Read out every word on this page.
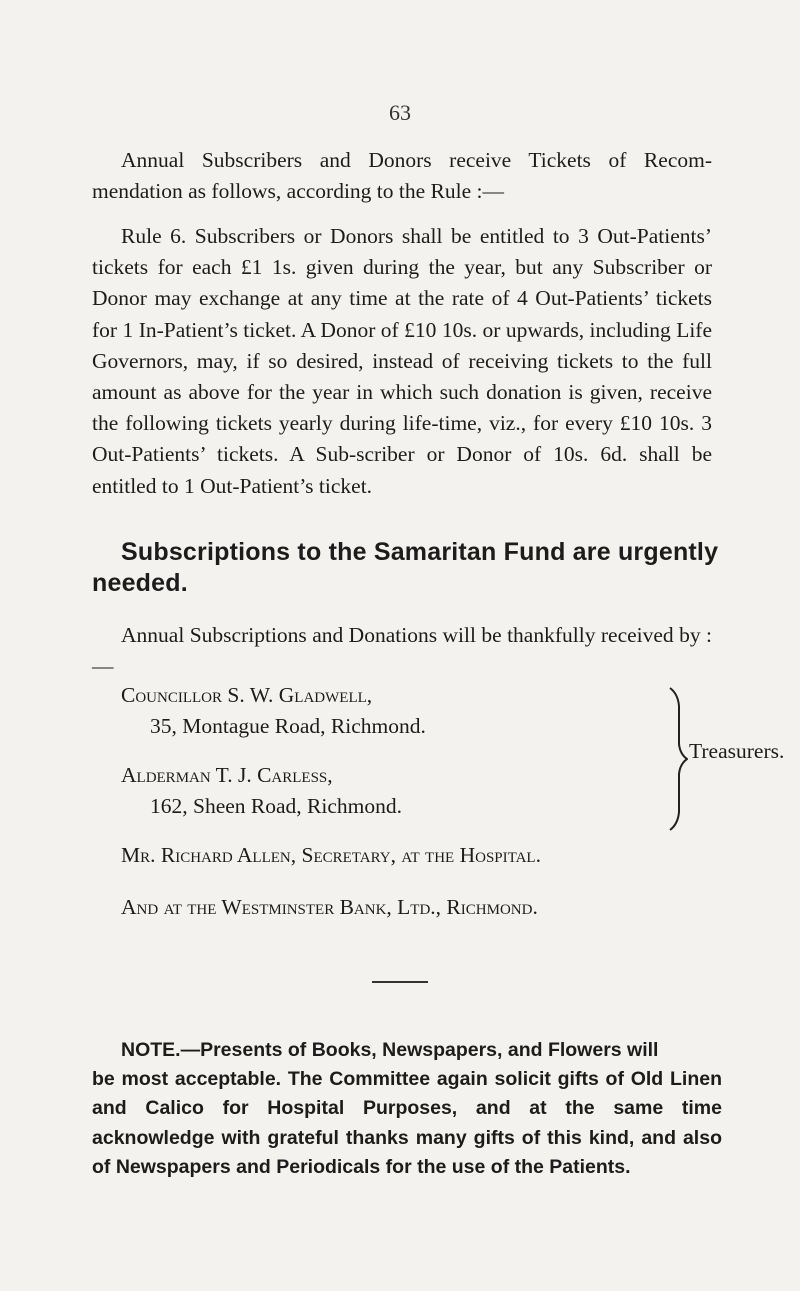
63

Annual Subscribers and Donors receive Tickets of Recom-mendation as follows, according to the Rule :—

Rule 6. Subscribers or Donors shall be entitled to 3 Out-Patients’ tickets for each £1 1s. given during the year, but any Subscriber or Donor may exchange at any time at the rate of 4 Out-Patients’ tickets for 1 In-Patient’s ticket. A Donor of £10 10s. or upwards, including Life Governors, may, if so desired, instead of receiving tickets to the full amount as above for the year in which such donation is given, receive the following tickets yearly during life-time, viz., for every £10 10s. 3 Out-Patients’ tickets. A Sub-scriber or Donor of 10s. 6d. shall be entitled to 1 Out-Patient’s ticket.

Subscriptions to the Samaritan Fund are urgently
needed.

Annual Subscriptions and Donations will be thankfully received by :—

Councillor S. W. Gladwell,
35, Montague Road, Richmond.
Alderman T. J. Carless,
162, Sheen Road, Richmond.
Treasurers.
Mr. Richard Allen, Secretary, at the Hospital.
And at the Westminster Bank, Ltd., Richmond.

NOTE.—Presents of Books, Newspapers, and Flowers will
be most acceptable. The Committee again solicit gifts of Old Linen and Calico for Hospital Purposes, and at the same time acknowledge with grateful thanks many gifts of this kind, and also of Newspapers and Periodicals for the use of the Patients.
